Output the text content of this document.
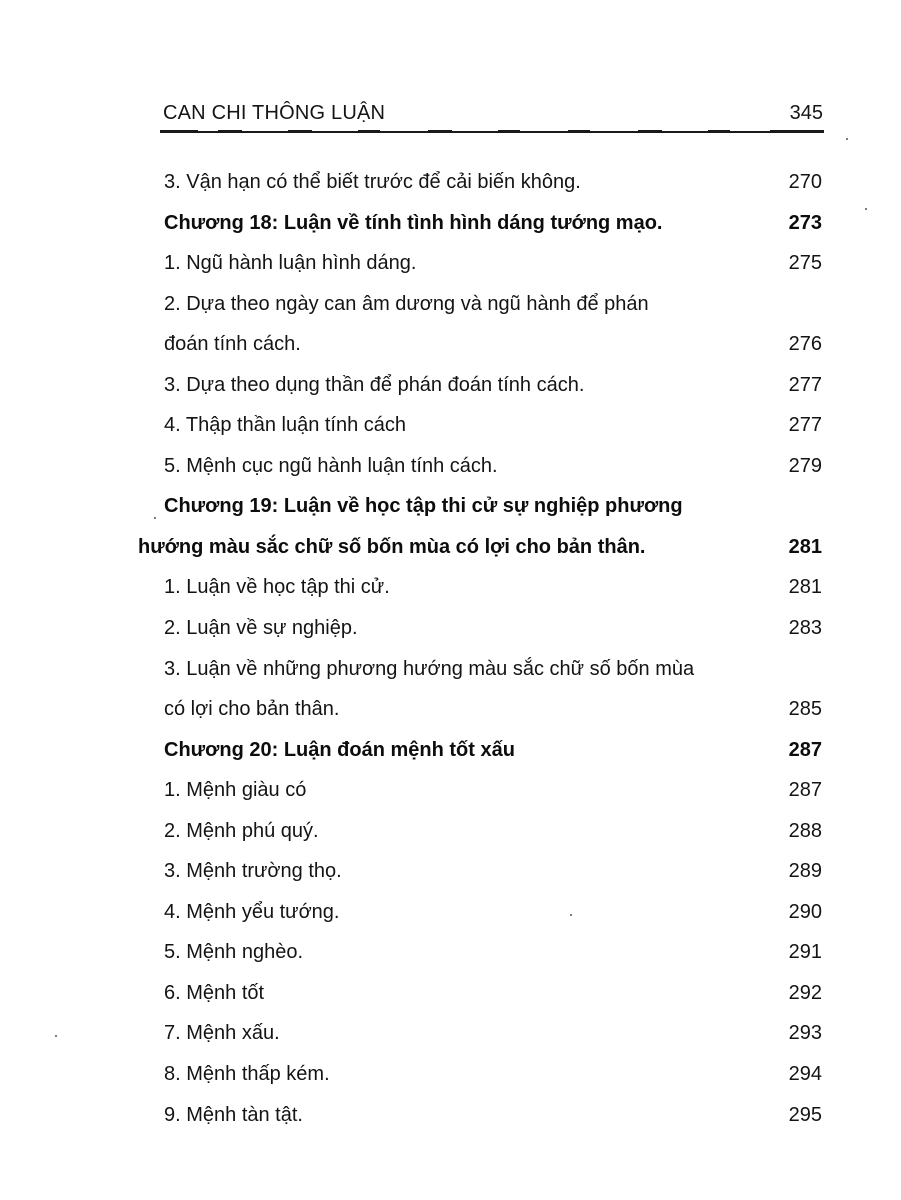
CAN CHI THÔNG LUẬN	345
3. Vận hạn có thể biết trước để cải biến không.	270
Chương 18: Luận về tính tình hình dáng tướng mạo.	273
1. Ngũ hành luận hình dáng.	275
2. Dựa theo ngày can âm dương và ngũ hành để phán
đoán tính cách.	276
3. Dựa theo dụng thần để phán đoán tính cách.	277
4. Thập thần luận tính cách	277
5. Mệnh cục ngũ hành luận tính cách.	279
Chương 19: Luận về học tập thi cử sự nghiệp phương
hướng màu sắc chữ số bốn mùa có lợi cho bản thân.	281
1. Luận về học tập thi cử.	281
2. Luận về sự nghiệp.	283
3. Luận về những phương hướng màu sắc chữ số bốn mùa
có lợi cho bản thân.	285
Chương 20: Luận đoán mệnh tốt xấu	287
1. Mệnh giàu có	287
2. Mệnh phú quý.	288
3. Mệnh trường thọ.	289
4. Mệnh yểu tướng.	290
5. Mệnh nghèo.	291
6. Mệnh tốt	292
7. Mệnh xấu.	293
8. Mệnh thấp kém.	294
9. Mệnh tàn tật.	295
